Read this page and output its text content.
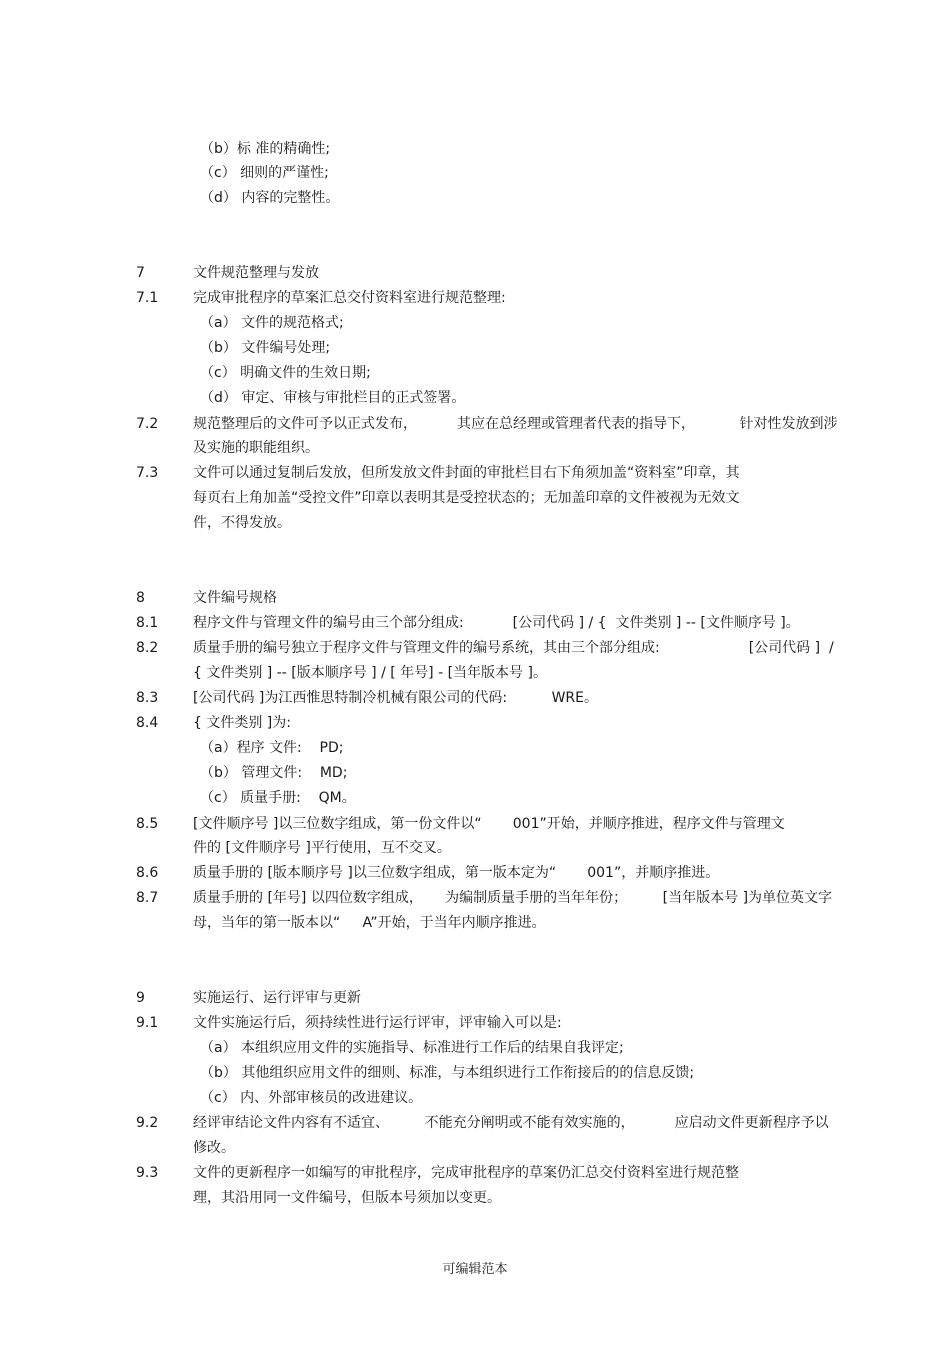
（b）标 准的精确性;
（c） 细则的严谨性;
（d） 内容的完整性。
7	文件规范整理与发放
7.1 完成审批程序的草案汇总交付资料室进行规范整理:
（a） 文件的规范格式;
（b） 文件编号处理;
（c） 明确文件的生效日期;
（d） 审定、审核与审批栏目的正式签署。
7.2 规范整理后的文件可予以正式发布，         其应在总经理或管理者代表的指导下，          针对性发放到涉
及实施的职能组织。
7.3 文件可以通过复制后发放，但所发放文件封面的审批栏目右下角须加盖“资料室”印章，其
每页右上角加盖“受控文件”印章以表明其是受控状态的；无加盖印章的文件被视为无效文
件，不得发放。
8	文件编号规格
8.1 程序文件与管理文件的编号由三个部分组成:           [公司代码 ] / {  文件类别 ] -- [文件顺序号 ]。
8.2 质量手册的编号独立于程序文件与管理文件的编号系统，其由三个部分组成:                    [公司代码 ]  /
{ 文件类别 ] -- [版本顺序号 ] / [ 年号] - [当年版本号 ]。
8.3 [公司代码 ]为江西惟思特制冷机械有限公司的代码:          WRE。
8.4 { 文件类别 ]为:
（a）程序 文件:    PD;
（b） 管理文件:    MD;
（c） 质量手册:    QM。
8.5 [文件顺序号 ]以三位数字组成，第一份文件以“       001”开始，并顺序推进，程序文件与管理文
件的 [文件顺序号 ]平行使用，互不交叉。
8.6 质量手册的 [版本顺序号 ]以三位数字组成，第一版本定为“       001”，并顺序推进。
8.7 质量手册的 [年号] 以四位数字组成，     为编制质量手册的当年年份；        [当年版本号 ]为单位英文字
母，当年的第一版本以“     A”开始，于当年内顺序推进。
9	实施运行、运行评审与更新
9.1 文件实施运行后，须持续性进行运行评审，评审输入可以是:
（a） 本组织应用文件的实施指导、标准进行工作后的结果自我评定;
（b） 其他组织应用文件的细则、标准，与本组织进行工作衔接后的的信息反馈;
（c） 内、外部审核员的改进建议。
9.2 经评审结论文件内容有不适宜、        不能充分阐明或不能有效实施的，         应启动文件更新程序予以
修改。
9.3 文件的更新程序一如编写的审批程序，完成审批程序的草案仍汇总交付资料室进行规范整
理，其沿用同一文件编号，但版本号须加以变更。
可编辑范本
